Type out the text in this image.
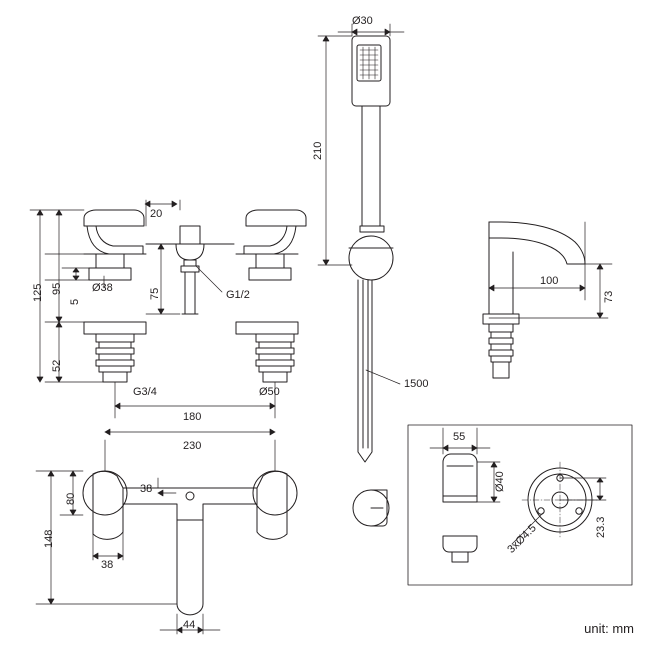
20
125 95
5
52
75
Ø38
G1/2
G3/4	Ø50
180
Ø30
210
1500
100
73
230
148
80
38
38
44
55
Ø40
3xØ4.5	23.3
unit: mm
